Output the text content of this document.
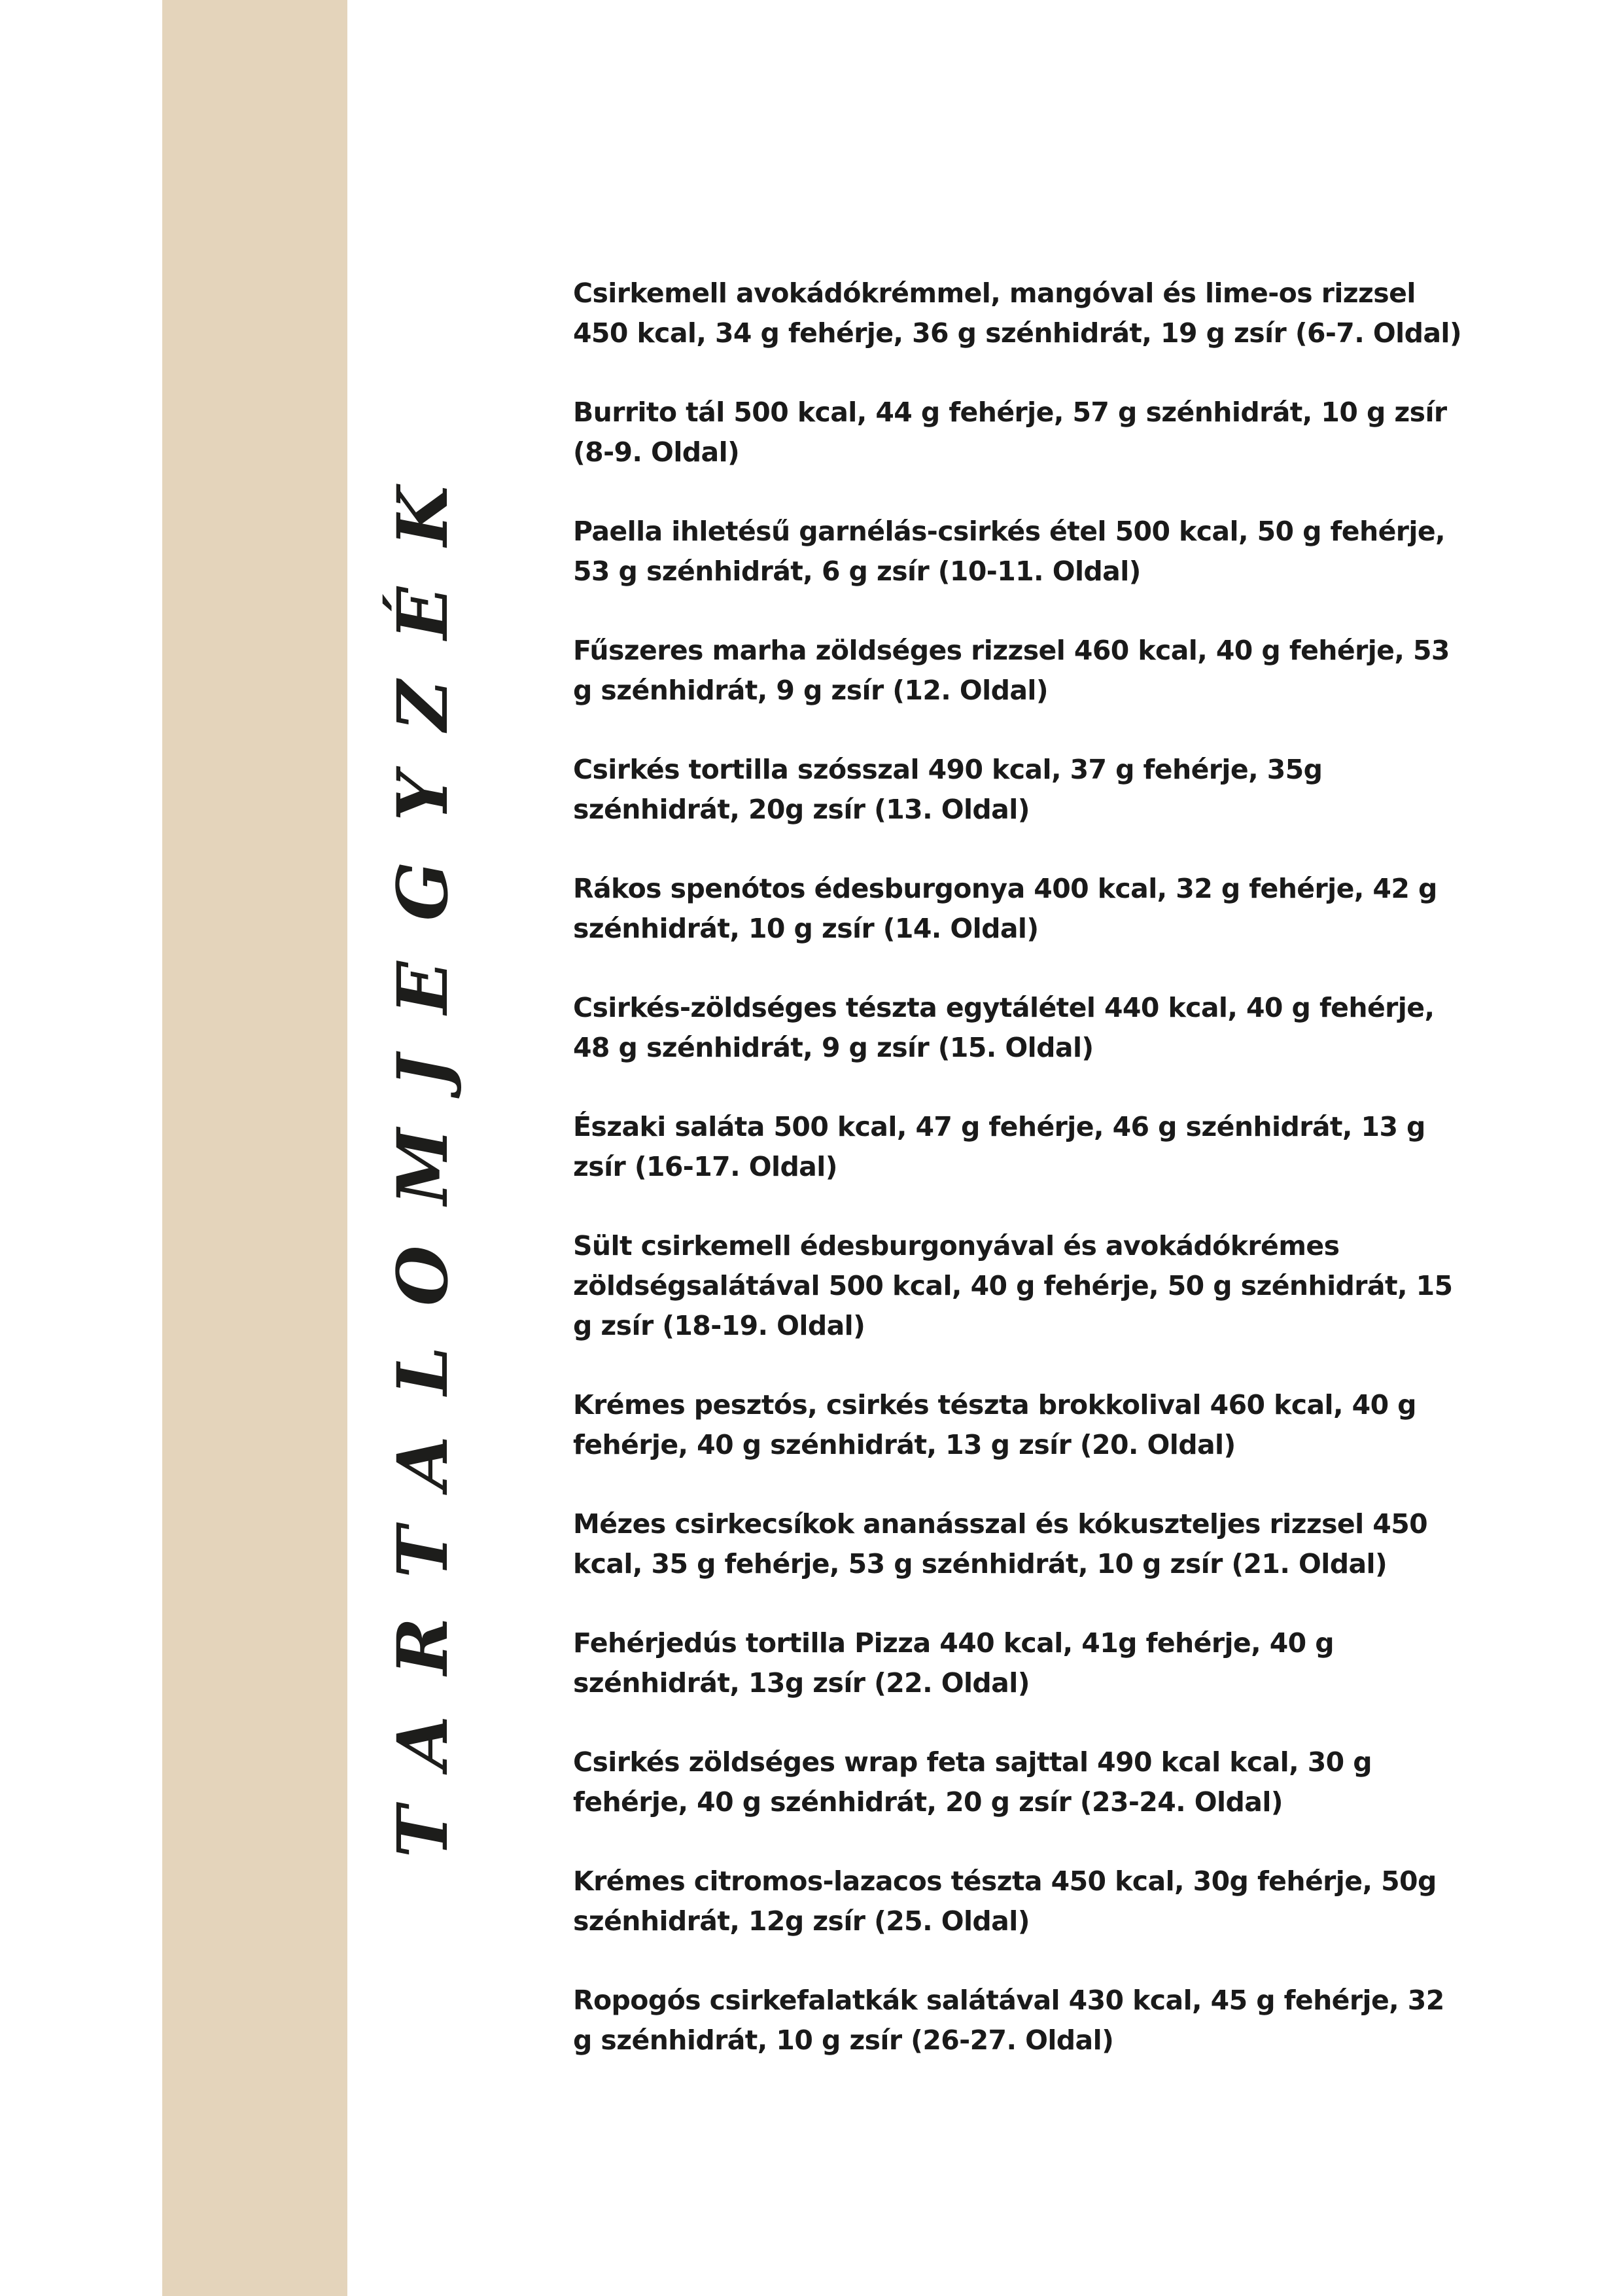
TARTALOMJEGYZÉK
Csirkemell avokádókrémmel, mangóval és lime-os rizzsel 450 kcal, 34 g fehérje, 36 g szénhidrát, 19 g zsír (6-7. Oldal)
Burrito tál 500 kcal, 44 g fehérje, 57 g szénhidrát, 10 g zsír (8-9. Oldal)
Paella ihletésű garnélás-csirkés étel 500 kcal, 50 g fehérje, 53 g szénhidrát, 6 g zsír (10-11. Oldal)
Fűszeres marha zöldséges rizzsel 460 kcal, 40 g fehérje, 53 g szénhidrát, 9 g zsír (12. Oldal)
Csirkés tortilla szósszal 490 kcal, 37 g fehérje, 35g szénhidrát, 20g zsír (13. Oldal)
Rákos spenótos édesburgonya 400 kcal, 32 g fehérje, 42 g szénhidrát, 10 g zsír (14. Oldal)
Csirkés-zöldséges tészta egytálétel 440 kcal, 40 g fehérje, 48 g szénhidrát, 9 g zsír (15. Oldal)
Északi saláta 500 kcal, 47 g fehérje, 46 g szénhidrát, 13 g zsír (16-17. Oldal)
Sült csirkemell édesburgonyával és avokádókrémes zöldségsalátával 500 kcal, 40 g fehérje, 50 g szénhidrát, 15 g zsír (18-19. Oldal)
Krémes pesztós, csirkés tészta brokkolival 460 kcal, 40 g fehérje, 40 g szénhidrát, 13 g zsír (20. Oldal)
Mézes csirkecsíkok ananásszal és kókuszteljes rizzsel 450 kcal, 35 g fehérje, 53 g szénhidrát, 10 g zsír (21. Oldal)
Fehérjedús tortilla Pizza 440 kcal, 41g fehérje, 40 g szénhidrát, 13g zsír (22. Oldal)
Csirkés zöldséges wrap feta sajttal 490 kcal kcal, 30 g fehérje, 40 g szénhidrát, 20 g zsír (23-24. Oldal)
Krémes citromos-lazacos tészta 450 kcal, 30g fehérje, 50g szénhidrát, 12g zsír (25. Oldal)
Ropogós csirkefalatkák salátával 430 kcal, 45 g fehérje, 32 g szénhidrát, 10 g zsír (26-27. Oldal)
